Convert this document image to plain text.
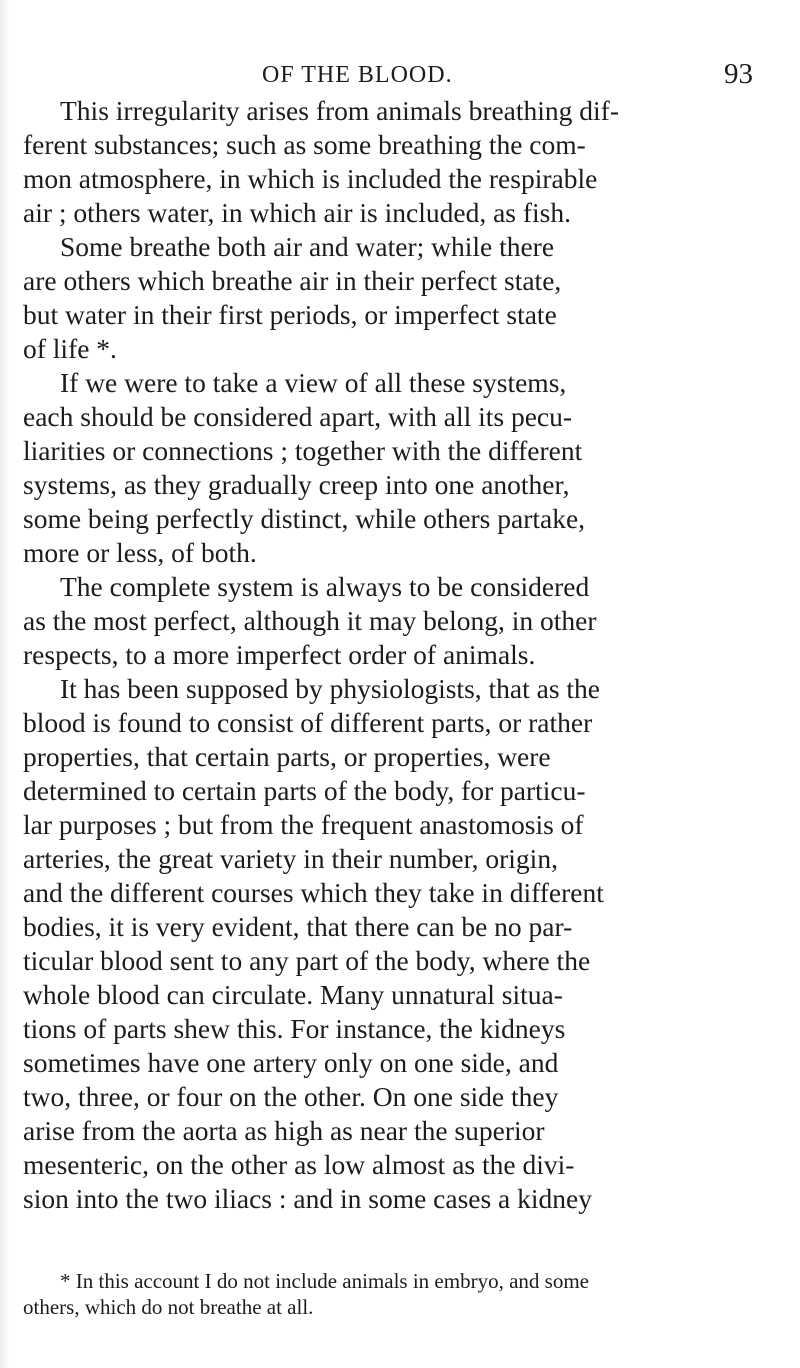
OF THE BLOOD.	93
This irregularity arises from animals breathing dif-
ferent substances; such as some breathing the com-
mon atmosphere, in which is included the respirable
air ; others water, in which air is included, as fish.
Some breathe both air and water; while there
are others which breathe air in their perfect state,
but water in their first periods, or imperfect state
of life *.
If we were to take a view of all these systems,
each should be considered apart, with all its pecu-
liarities or connections ; together with the different
systems, as they gradually creep into one another,
some being perfectly distinct, while others partake,
more or less, of both.
The complete system is always to be considered
as the most perfect, although it may belong, in other
respects, to a more imperfect order of animals.
It has been supposed by physiologists, that as the
blood is found to consist of different parts, or rather
properties, that certain parts, or properties, were
determined to certain parts of the body, for particu-
lar purposes ; but from the frequent anastomosis of
arteries, the great variety in their number, origin,
and the different courses which they take in different
bodies, it is very evident, that there can be no par-
ticular blood sent to any part of the body, where the
whole blood can circulate. Many unnatural situa-
tions of parts shew this. For instance, the kidneys
sometimes have one artery only on one side, and
two, three, or four on the other. On one side they
arise from the aorta as high as near the superior
mesenteric, on the other as low almost as the divi-
sion into the two iliacs : and in some cases a kidney
* In this account I do not include animals in embryo, and some
others, which do not breathe at all.
